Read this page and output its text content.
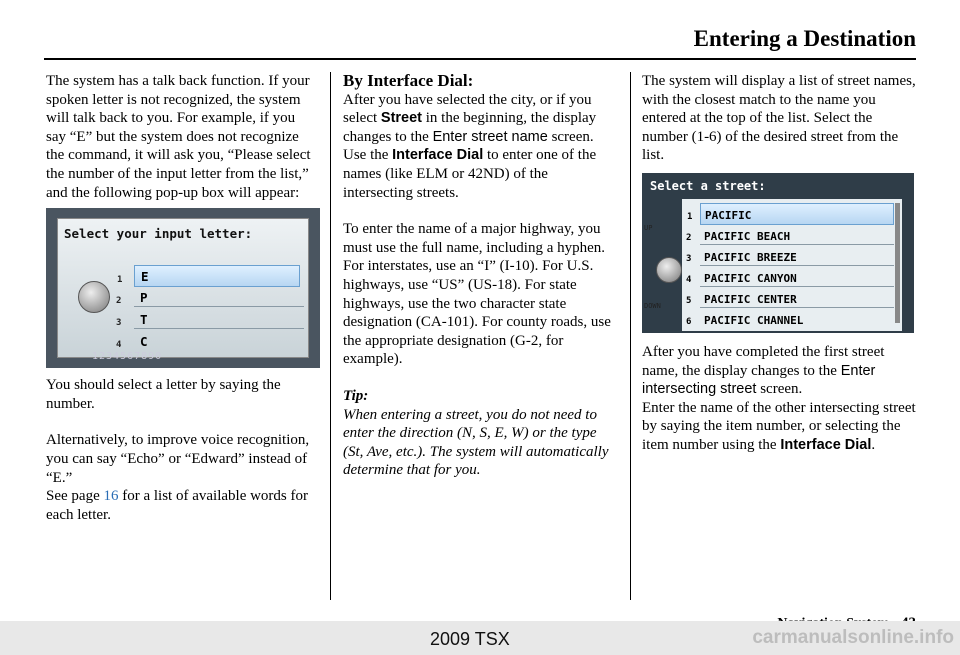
Entering a Destination

The system has a talk back function. If your spoken letter is not recognized, the system will talk back to you. For example, if you say “E” but the system does not recognize the command, it will ask you, “Please select the number of the input letter from the list,” and the following pop-up box will appear:

Select your input letter:
1 E
2 P
3 T
4 C
1234567890

You should select a letter by saying the number.

Alternatively, to improve voice recognition, you can say “Echo” or “Edward” instead of “E.”

See page 16 for a list of available words for each letter.

By Interface Dial:

After you have selected the city, or if you select Street in the beginning, the display changes to the Enter street name screen. Use the Interface Dial to enter one of the names (like ELM or 42ND) of the intersecting streets.

To enter the name of a major highway, you must use the full name, including a hyphen. For interstates, use an “I” (I-10). For U.S. highways, use “US” (US-18). For state highways, use the two character state designation (CA-101). For county roads, use the appropriate designation (G-2, for example).

Tip:

When entering a street, you do not need to enter the direction (N, S, E, W) or the type (St, Ave, etc.). The system will automatically determine that for you.

The system will display a list of street names, with the closest match to the name you entered at the top of the list. Select the number (1-6) of the desired street from the list.

Select a street:
UP
DOWN
1 PACIFIC
2 PACIFIC BEACH
3 PACIFIC BREEZE
4 PACIFIC CANYON
5 PACIFIC CENTER
6 PACIFIC CHANNEL

After you have completed the first street name, the display changes to the Enter intersecting street screen.

Enter the name of the other intersecting street by saying the item number, or selecting the item number using the Interface Dial.

2009 TSX	carmanualsonline.info
